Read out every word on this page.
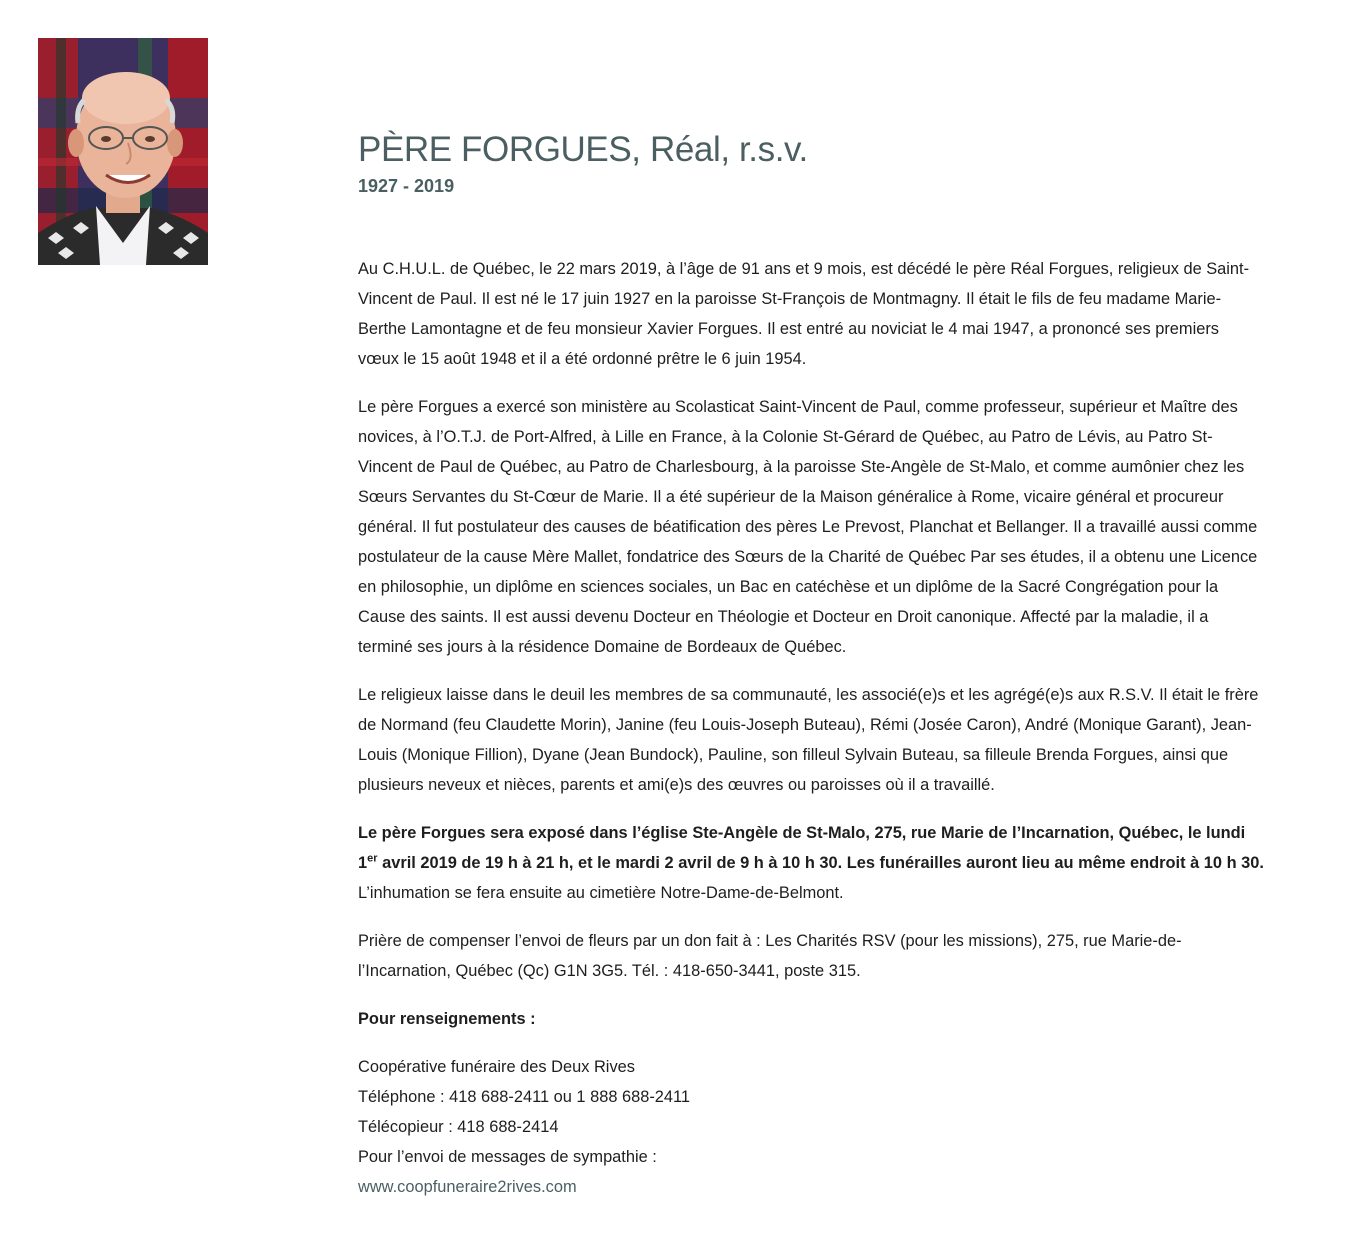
PÈRE FORGUES, Réal, r.s.v.
1927 - 2019

Au C.H.U.L. de Québec, le 22 mars 2019, à l’âge de 91 ans et 9 mois, est décédé le père Réal Forgues, religieux de Saint-Vincent de Paul. Il est né le 17 juin 1927 en la paroisse St-François de Montmagny. Il était le fils de feu madame Marie-Berthe Lamontagne et de feu monsieur Xavier Forgues. Il est entré au noviciat le 4 mai 1947, a prononcé ses premiers vœux le 15 août 1948 et il a été ordonné prêtre le 6 juin 1954.

Le père Forgues a exercé son ministère au Scolasticat Saint-Vincent de Paul, comme professeur, supérieur et Maître des novices, à l’O.T.J. de Port-Alfred, à Lille en France, à la Colonie St-Gérard de Québec, au Patro de Lévis, au Patro St-Vincent de Paul de Québec, au Patro de Charlesbourg, à la paroisse Ste-Angèle de St-Malo, et comme aumônier chez les Sœurs Servantes du St-Cœur de Marie. Il a été supérieur de la Maison généralice à Rome, vicaire général et procureur général. Il fut postulateur des causes de béatification des pères Le Prevost, Planchat et Bellanger. Il a travaillé aussi comme postulateur de la cause Mère Mallet, fondatrice des Sœurs de la Charité de Québec Par ses études, il a obtenu une Licence en philosophie, un diplôme en sciences sociales, un Bac en catéchèse et un diplôme de la Sacré Congrégation pour la Cause des saints. Il est aussi devenu Docteur en Théologie et Docteur en Droit canonique. Affecté par la maladie, il a terminé ses jours à la résidence Domaine de Bordeaux de Québec.

Le religieux laisse dans le deuil les membres de sa communauté, les associé(e)s et les agrégé(e)s aux R.S.V. Il était le frère de Normand (feu Claudette Morin), Janine (feu Louis-Joseph Buteau), Rémi (Josée Caron), André (Monique Garant), Jean-Louis (Monique Fillion), Dyane (Jean Bundock), Pauline, son filleul Sylvain Buteau, sa filleule Brenda Forgues, ainsi que plusieurs neveux et nièces, parents et ami(e)s des œuvres ou paroisses où il a travaillé.

Le père Forgues sera exposé dans l’église Ste-Angèle de St-Malo, 275, rue Marie de l’Incarnation, Québec, le lundi 1er avril 2019 de 19 h à 21 h, et le mardi 2 avril de 9 h à 10 h 30. Les funérailles auront lieu au même endroit à 10 h 30. L’inhumation se fera ensuite au cimetière Notre-Dame-de-Belmont.

Prière de compenser l’envoi de fleurs par un don fait à : Les Charités RSV (pour les missions), 275, rue Marie-de-l’Incarnation, Québec (Qc) G1N 3G5. Tél. : 418-650-3441, poste 315.

Pour renseignements :

Coopérative funéraire des Deux Rives
Téléphone : 418 688-2411 ou 1 888 688-2411
Télécopieur : 418 688-2414
Pour l’envoi de messages de sympathie :
www.coopfuneraire2rives.com
